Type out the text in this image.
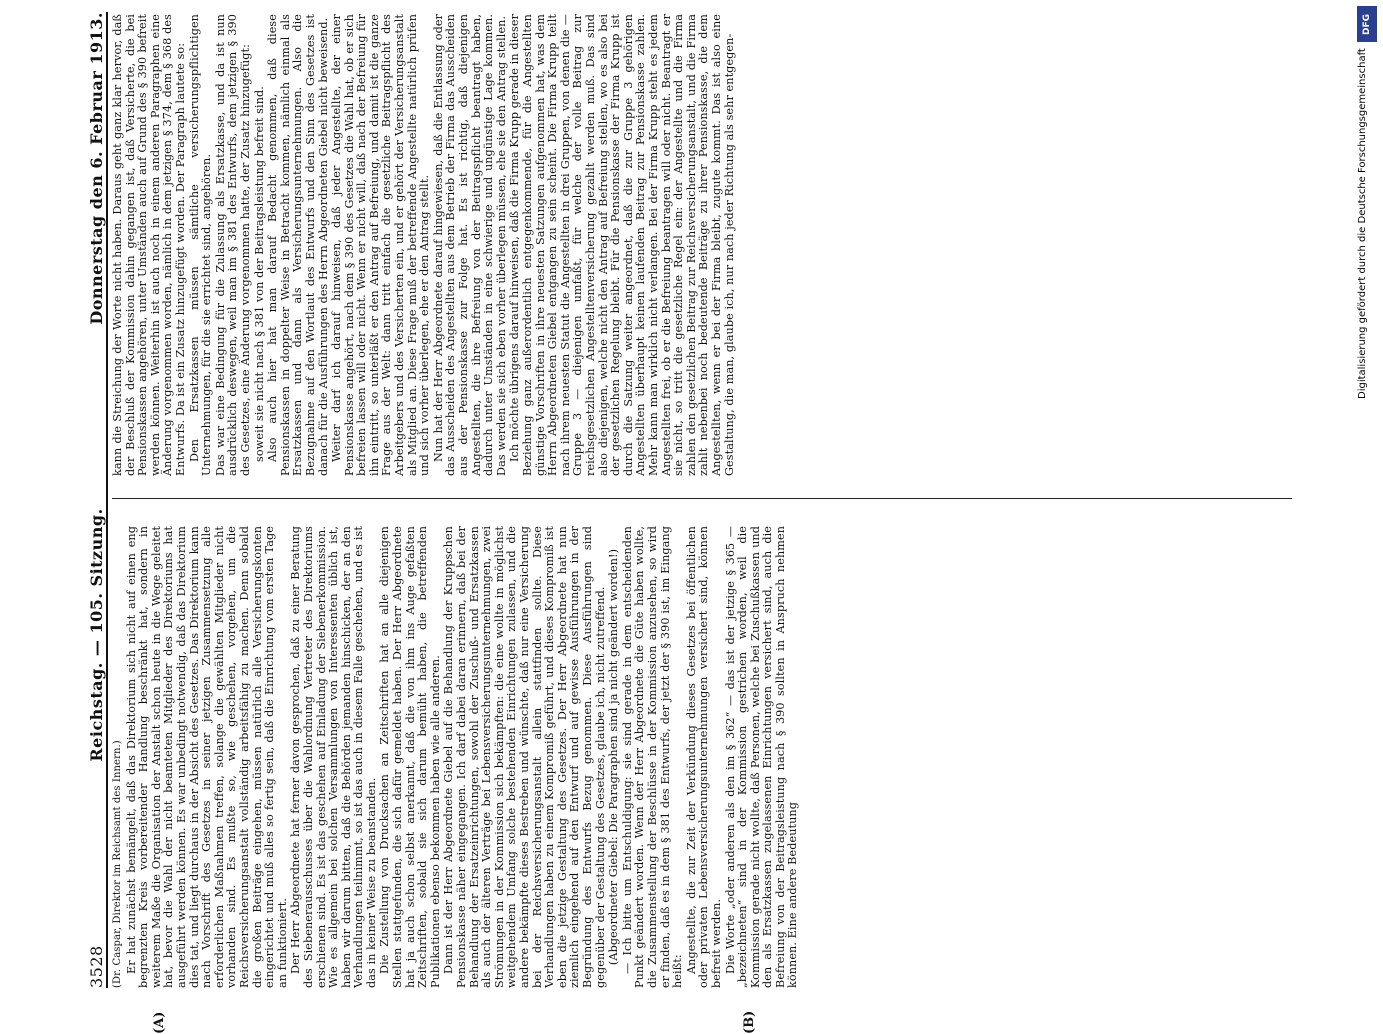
DFG
Digitalisierung gefördert durch die Deutsche Forschungsgemeinschaft
3528
Reichstag. — 105. Sitzung.
Donnerstag den 6. Februar 1913.
(A)	(B)

(Dr. Caspar, Direktor im Reichsamt des Innern.) Er hat zunächst bemängelt, daß das Direktorium sich nicht auf einen eng begrenzten Kreis vorbereitender Handlung beschränkt hat, sondern in weiterem Maße die Organisation der Anstalt schon heute in die Wege geleitet hat, bevor die Wahl der nicht beamteten Mitglieder des Direktoriums hat ausgeführt werden können. Es war unbedingt notwendig, daß das Direktorium dies tat, und liegt durchaus in der Absicht des Gesetzes. Das Direktorium kann nach Vorschrift des Gesetzes in seiner jetzigen Zusammensetzung alle erforderlichen Maßnahmen treffen, solange die gewählten Mitglieder nicht vorhanden sind. Es mußte so, wie geschehen, vorgehen, um die Reichsversicherungsanstalt vollständig arbeitsfähig zu machen. Denn sobald die großen Beiträge eingehen, müssen natürlich alle Versicherungskonten eingerichtet und muß alles so fertig sein, daß die Einrichtung vom ersten Tage an funktioniert. Der Herr Abgeordnete hat ferner davon gesprochen, daß zu einer Beratung des Siebenerausschusses über die Wahlordnung Vertreter des Direktoriums erschienen sind. Es ist das geschehen auf Einladung der Siebenerkommission. Wie es allgemein bei solchen Versammlungen von Interessenten üblich ist, haben wir darum bitten, daß die Behörden jemanden hinschicken, der an den Verhandlungen teilnimmt, so ist das auch in diesem Falle geschehen, und es ist das in keiner Weise zu beanstanden. Die Zustellung von Drucksachen an Zeitschriften hat an alle diejenigen Stellen stattgefunden, die sich dafür gemeldet haben. Der Herr Abgeordnete hat ja auch schon selbst anerkannt, daß die von ihm ins Auge gefaßten Zeitschriften, sobald sie sich darum bemüht haben, die betreffenden Publikationen ebenso bekommen haben wie alle anderen. Dann ist der Herr Abgeordnete Giebel auf die Behandlung der Kruppschen Pensionskasse näher eingegangen. Ich darf dabei daran erinnern, daß bei der Behandlung der Ersatzeinrichtungen, sowohl der Zuschuß- und Ersatzkassen als auch der älteren Verträge bei Lebensversicherungsunternehmungen, zwei Strömungen in der Kommission sich bekämpften: die eine wollte in möglichst weitgehendem Umfang solche bestehenden Einrichtungen zulassen, und die andere bekämpfte dieses Bestreben und wünschte, daß nur eine Versicherung bei der Reichsversicherungsanstalt allein stattfinden sollte. Diese Verhandlungen haben zu einem Kompromiß geführt, und dieses Kompromiß ist eben die jetzige Gestaltung des Gesetzes. Der Herr Abgeordnete hat nun ziemlich eingehend auf den Entwurf und auf gewisse Ausführungen in der Begründung des Entwurfs Bezug genommen. Diese Ausführungen sind gegenüber der Gestaltung des Gesetzes, glaube ich, nicht zutreffend. (Abgeordneter Giebel: Die Paragraphen sind ja nicht geändert worden!) — Ich bitte um Entschuldigung: sie sind gerade in dem entscheidenden Punkt geändert worden. Wenn der Herr Abgeordnete die Güte haben wollte, die Zusammenstellung der Beschlüsse in der Kommission anzusehen, so wird er finden, daß es in dem § 381 des Entwurfs, der jetzt der § 390 ist, im Eingang heißt: Angestellte, die zur Zeit der Verkündung dieses Gesetzes bei öffentlichen oder privaten Lebensversicherungsunternehmungen versichert sind, können befreit werden. Die Worte „oder anderen als den im § 362“ — das ist der jetzige § 365 — „bezeichneten“ sind in der Kommission gestrichen worden, weil die Kommission gerade nicht wollte, daß Personen, welche bei Zuschußkassen und den als Ersatzkassen zugelassenen Einrichtungen versichert sind, auch die Befreiung von der Beitragsleistung nach § 390 sollten in Anspruch nehmen können. Eine andere Bedeutung

kann die Streichung der Worte nicht haben. Daraus geht ganz klar hervor, daß der Beschluß der Kommission dahin gegangen ist, daß Versicherte, die bei Pensionskassen angehören, unter Umständen auch auf Grund des § 390 befreit werden können. Weiterhin ist auch noch in einem anderen Paragraphen eine Änderung vorgenommen worden, nämlich in dem jetzigen § 374, dem § 368 des Entwurfs. Da ist ein Zusatz hinzugefügt worden. Der Paragraph lautete so: Den Ersatzkassen müssen sämtliche versicherungspflichtigen Unternehmungen, für die sie errichtet sind, angehören. Das war eine Bedingung für die Zulassung als Ersatzkasse, und da ist nun ausdrücklich deswegen, weil man im § 381 des Entwurfs, dem jetzigen § 390 des Gesetzes, eine Änderung vorgenommen hatte, der Zusatz hinzugefügt: soweit sie nicht nach § 381 von der Beitragsleistung befreit sind. Also auch hier hat man darauf Bedacht genommen, daß diese Pensionskassen in doppelter Weise in Betracht kommen, nämlich einmal als Ersatzkassen und dann als Versicherungsunternehmungen. Also die Bezugnahme auf den Wortlaut des Entwurfs und den Sinn des Gesetzes ist danach für die Ausführungen des Herrn Abgeordneten Giebel nicht beweisend. Weiter darf ich darauf hinweisen, daß jeder Angestellte, der einer Pensionskasse angehört, nach dem § 390 des Gesetzes die Wahl hat, ob er sich befreien lassen will oder nicht. Wenn er nicht will, daß nach der Befreiung für ihn eintritt, so unterläßt er den Antrag auf Befreiung, und damit ist die ganze Frage aus der Welt: dann tritt einfach die gesetzliche Beitragspflicht des Arbeitgebers und des Versicherten ein, und er gehört der Versicherungsanstalt als Mitglied an. Diese Frage muß der betreffende Angestellte natürlich prüfen und sich vorher überlegen, ehe er den Antrag stellt. Nun hat der Herr Abgeordnete darauf hingewiesen, daß die Entlassung oder das Ausscheiden des Angestellten aus dem Betrieb der Firma das Ausscheiden aus der Pensionskasse zur Folge hat. Es ist richtig, daß diejenigen Angestellten, die ihre Befreiung von der Beitragspflicht beantragt haben, dadurch unter Umständen in eine schwierige und ungünstige Lage kommen. Das werden sie sich eben vorher überlegen müssen, ehe sie den Antrag stellen. Ich möchte übrigens darauf hinweisen, daß die Firma Krupp gerade in dieser Beziehung ganz außerordentlich entgegenkommende, für die Angestellten günstige Vorschriften in ihre neuesten Satzungen aufgenommen hat, was dem Herrn Abgeordneten Giebel entgangen zu sein scheint. Die Firma Krupp teilt nach ihrem neuesten Statut die Angestellten in drei Gruppen, von denen die — Gruppe 3 — diejenigen umfaßt, für welche der volle Beitrag zur reichsgesetzlichen Angestelltenversicherung gezahlt werden muß. Das sind also diejenigen, welche nicht den Antrag auf Befreiung stellen, wo es also bei der gesetzlichen Regelung bleibt. Für die Pensionskasse der Firma Krupp ist durch die Satzung weiter angeordnet, daß die zur Gruppe 3 gehörigen Angestellten überhaupt keinen laufenden Beitrag zur Pensionskasse zahlen. Mehr kann man wirklich nicht verlangen. Bei der Firma Krupp steht es jedem Angestellten frei, ob er die Befreiung beantragen will oder nicht. Beantragt er sie nicht, so tritt die gesetzliche Regel ein: der Angestellte und die Firma zahlen den gesetzlichen Beitrag zur Reichsversicherungsanstalt, und die Firma zahlt nebenbei noch bedeutende Beiträge zu ihrer Pensionskasse, die dem Angestellten, wenn er bei der Firma bleibt, zugute kommt. Das ist also eine Gestaltung, die man, glaube ich, nur nach jeder Richtung als sehr entgegen-
